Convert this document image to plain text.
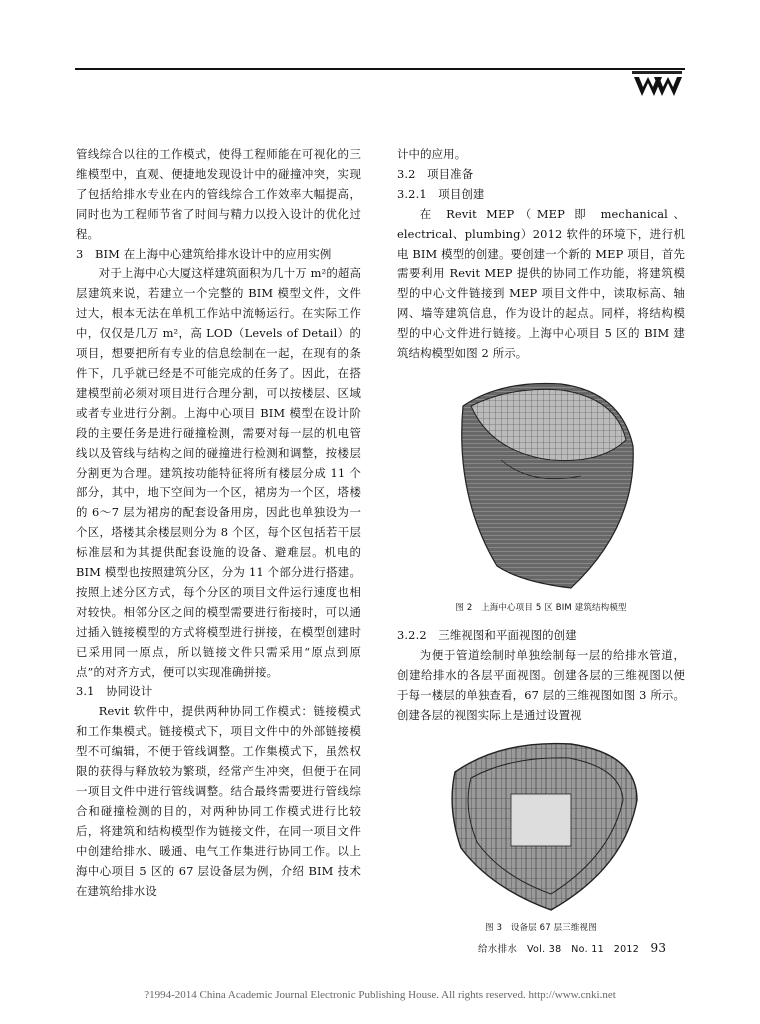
管线综合以往的工作模式，使得工程师能在可视化的三维模型中，直观、便捷地发现设计中的碰撞冲突，实现了包括给排水专业在内的管线综合工作效率大幅提高，同时也为工程师节省了时间与精力以投入设计的优化过程。

3　BIM 在上海中心建筑给排水设计中的应用实例

对于上海中心大厦这样建筑面积为几十万 m²的超高层建筑来说，若建立一个完整的 BIM 模型文件，文件过大，根本无法在单机工作站中流畅运行。在实际工作中，仅仅是几万 m²，高 LOD（Levels of Detail）的项目，想要把所有专业的信息绘制在一起，在现有的条件下，几乎就已经是不可能完成的任务了。因此，在搭建模型前必须对项目进行合理分割，可以按楼层、区域或者专业进行分割。上海中心项目 BIM 模型在设计阶段的主要任务是进行碰撞检测，需要对每一层的机电管线以及管线与结构之间的碰撞进行检测和调整，按楼层分割更为合理。建筑按功能特征将所有楼层分成 11 个部分，其中，地下空间为一个区，裙房为一个区，塔楼的 6～7 层为裙房的配套设备用房，因此也单独设为一个区，塔楼其余楼层则分为 8 个区，每个区包括若干层标准层和为其提供配套设施的设备、避难层。机电的 BIM 模型也按照建筑分区，分为 11 个部分进行搭建。按照上述分区方式，每个分区的项目文件运行速度也相对较快。相邻分区之间的模型需要进行衔接时，可以通过插入链接模型的方式将模型进行拼接，在模型创建时已采用同一原点，所以链接文件只需采用“原点到原点”的对齐方式，便可以实现准确拼接。

3.1　协同设计

Revit 软件中，提供两种协同工作模式：链接模式和工作集模式。链接模式下，项目文件中的外部链接模型不可编辑，不便于管线调整。工作集模式下，虽然权限的获得与释放较为繁琐，经常产生冲突，但便于在同一项目文件中进行管线调整。结合最终需要进行管线综合和碰撞检测的目的，对两种协同工作模式进行比较后，将建筑和结构模型作为链接文件，在同一项目文件中创建给排水、暖通、电气工作集进行协同工作。以上海中心项目 5 区的 67 层设备层为例，介绍 BIM 技术在建筑给排水设

计中的应用。

3.2　项目准备

3.2.1　项目创建

在 Revit MEP（MEP 即 mechanical、electrical、plumbing）2012 软件的环境下，进行机电 BIM 模型的创建。要创建一个新的 MEP 项目，首先需要利用 Revit MEP 提供的协同工作功能，将建筑模型的中心文件链接到 MEP 项目文件中，读取标高、轴网、墙等建筑信息，作为设计的起点。同样，将结构模型的中心文件进行链接。上海中心项目 5 区的 BIM 建筑结构模型如图 2 所示。

图 2　上海中心项目 5 区 BIM 建筑结构模型

3.2.2　三维视图和平面视图的创建

为便于管道绘制时单独绘制每一层的给排水管道，创建给排水的各层平面视图。创建各层的三维视图以便于每一楼层的单独查看，67 层的三维视图如图 3 所示。创建各层的视图实际上是通过设置视

图 3　设备层 67 层三维视图
给水排水　Vol. 38　No. 11　2012 93
?1994-2014 China Academic Journal Electronic Publishing House. All rights reserved. http://www.cnki.net
